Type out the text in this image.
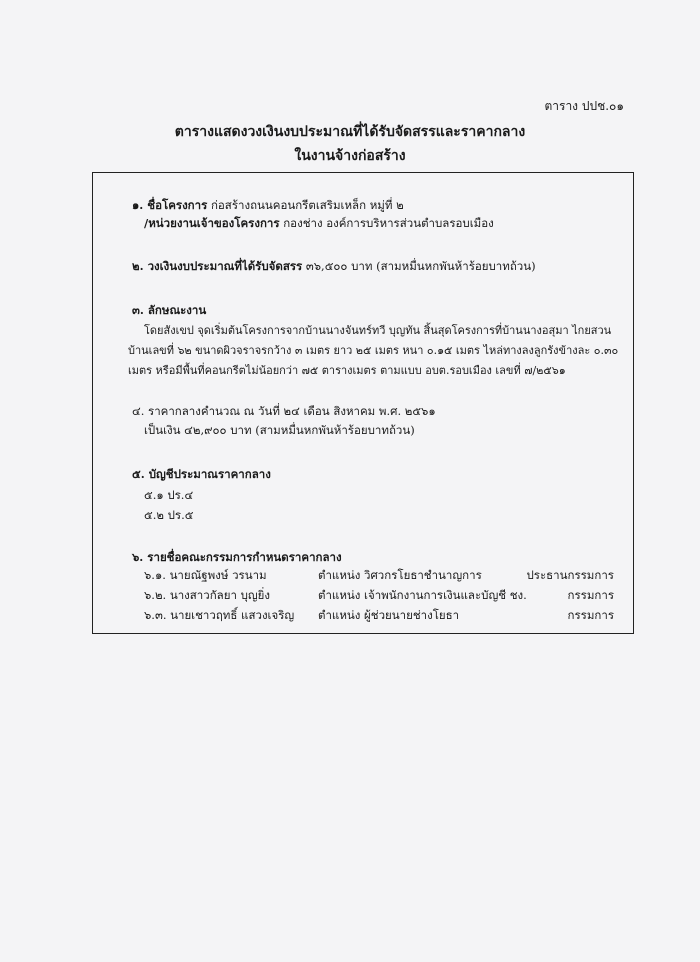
ตาราง ปปช.๐๑
ตารางแสดงวงเงินงบประมาณที่ได้รับจัดสรรและราคากลาง
ในงานจ้างก่อสร้าง
๑. ชื่อโครงการ ก่อสร้างถนนคอนกรีตเสริมเหล็ก หมู่ที่ ๒
/หน่วยงานเจ้าของโครงการ กองช่าง องค์การบริหารส่วนตำบลรอบเมือง
๒. วงเงินงบประมาณที่ได้รับจัดสรร ๓๖,๕๐๐ บาท (สามหมื่นหกพันห้าร้อยบาทถ้วน)
๓. ลักษณะงาน
โดยสังเขป จุดเริ่มต้นโครงการจากบ้านนางจันทร์ทวี บุญทัน สิ้นสุดโครงการที่บ้านนางอสุมา ไกยสวน
บ้านเลขที่ ๖๒ ขนาดผิวจราจรกว้าง ๓ เมตร ยาว ๒๕ เมตร หนา ๐.๑๕ เมตร ไหล่ทางลงลูกรังข้างละ ๐.๓๐
เมตร หรือมีพื้นที่คอนกรีตไม่น้อยกว่า ๗๕ ตารางเมตร ตามแบบ อบต.รอบเมือง เลขที่ ๗/๒๕๖๑
๔. ราคากลางคำนวณ ณ วันที่ ๒๔ เดือน สิงหาคม พ.ศ. ๒๕๖๑
เป็นเงิน ๔๒,๙๐๐ บาท (สามหมื่นหกพันห้าร้อยบาทถ้วน)
๕. บัญชีประมาณราคากลาง
๕.๑ ปร.๔
๕.๒ ปร.๕
๖. รายชื่อคณะกรรมการกำหนดราคากลาง
๖.๑. นายณัฐพงษ์ วรนาม	ตำแหน่ง วิศวกรโยธาชำนาญการ	ประธานกรรมการ
๖.๒. นางสาวกัลยา บุญยิ่ง	ตำแหน่ง เจ้าพนักงานการเงินและบัญชี ชง.	กรรมการ
๖.๓. นายเชาวฤทธิ์ แสวงเจริญ ตำแหน่ง ผู้ช่วยนายช่างโยธา	กรรมการ
